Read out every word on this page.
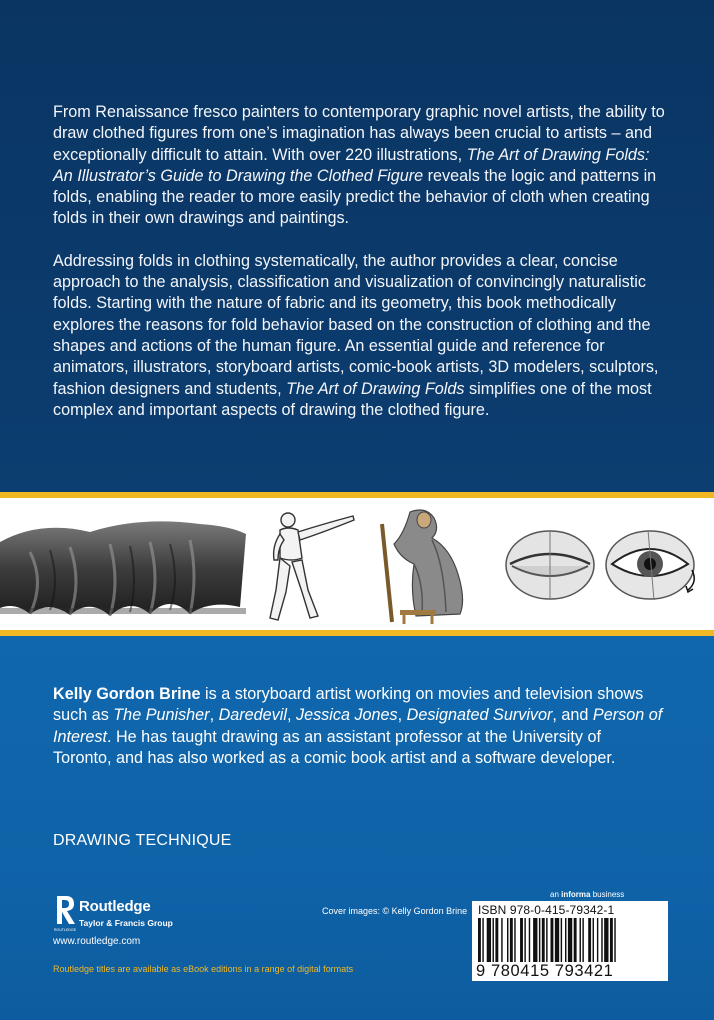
From Renaissance fresco painters to contemporary graphic novel artists, the ability to draw clothed figures from one’s imagination has always been crucial to artists – and exceptionally difficult to attain. With over 220 illustrations, The Art of Drawing Folds: An Illustrator’s Guide to Drawing the Clothed Figure reveals the logic and patterns in folds, enabling the reader to more easily predict the behavior of cloth when creating folds in their own drawings and paintings.

Addressing folds in clothing systematically, the author provides a clear, concise approach to the analysis, classification and visualization of convincingly naturalistic folds. Starting with the nature of fabric and its geometry, this book methodically explores the reasons for fold behavior based on the construction of clothing and the shapes and actions of the human figure. An essential guide and reference for animators, illustrators, storyboard artists, comic-book artists, 3D modelers, sculptors, fashion designers and students, The Art of Drawing Folds simplifies one of the most complex and important aspects of drawing the clothed figure.

Kelly Gordon Brine is a storyboard artist working on movies and television shows such as The Punisher, Daredevil, Jessica Jones, Designated Survivor, and Person of Interest. He has taught drawing as an assistant professor at the University of Toronto, and has also worked as a comic book artist and a software developer.

DRAWING TECHNIQUE
ROUTLEDGE
Routledge
Taylor & Francis Group
www.routledge.com
Routledge titles are available as eBook editions in a range of digital formats
an informa business
Cover images: © Kelly Gordon Brine ISBN 978-0-415-79342-1
9 780415 793421
